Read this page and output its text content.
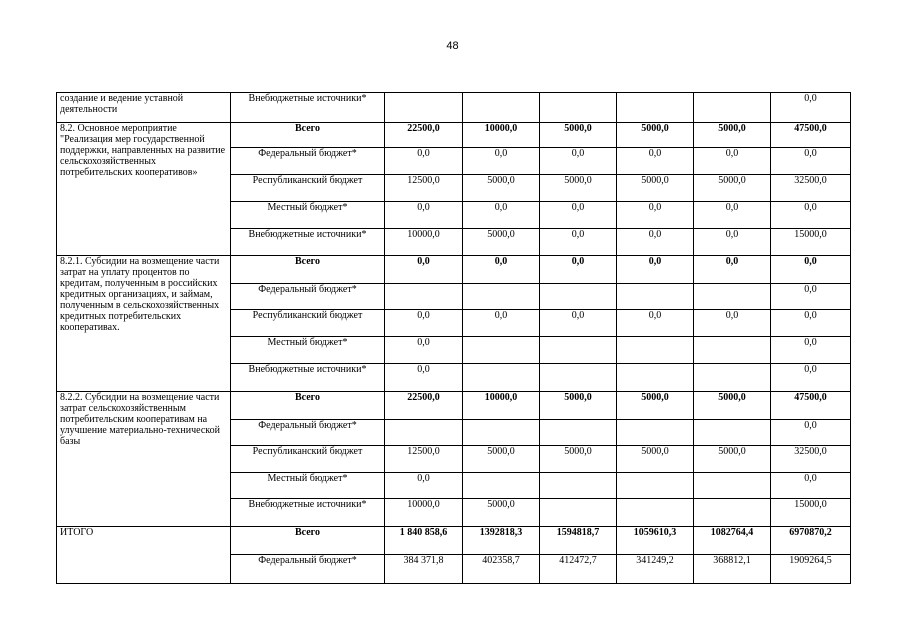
48
создание и ведение уставной деятельности	Внебюджетные источники*						0,0
8.2. Основное мероприятие "Реализация мер государственной поддержки, направленных на развитие сельскохозяйственных потребительских кооперативов»	Всего	22500,0	10000,0	5000,0	5000,0	5000,0	47500,0
	Федеральный бюджет*	0,0	0,0	0,0	0,0	0,0	0,0
	Республиканский бюджет	12500,0	5000,0	5000,0	5000,0	5000,0	32500,0
	Местный бюджет*	0,0	0,0	0,0	0,0	0,0	0,0
	Внебюджетные источники*	10000,0	5000,0	0,0	0,0	0,0	15000,0
8.2.1. Субсидии на возмещение части затрат на уплату процентов по кредитам, полученным в российских кредитных организациях, и займам, полученным в сельскохозяйственных кредитных потребительских кооперативах.	Всего	0,0	0,0	0,0	0,0	0,0	0,0
	Федеральный бюджет*						0,0
	Республиканский бюджет	0,0	0,0	0,0	0,0	0,0	0,0
	Местный бюджет*	0,0					0,0
	Внебюджетные источники*	0,0					0,0
8.2.2. Субсидии на возмещение части затрат сельскохозяйственным потребительским кооперативам на улучшение материально-технической базы	Всего	22500,0	10000,0	5000,0	5000,0	5000,0	47500,0
	Федеральный бюджет*						0,0
	Республиканский бюджет	12500,0	5000,0	5000,0	5000,0	5000,0	32500,0
	Местный бюджет*	0,0					0,0
	Внебюджетные источники*	10000,0	5000,0				15000,0
ИТОГО	Всего	1 840 858,6	1392818,3	1594818,7	1059610,3	1082764,4	6970870,2
	Федеральный бюджет*	384 371,8	402358,7	412472,7	341249,2	368812,1	1909264,5
